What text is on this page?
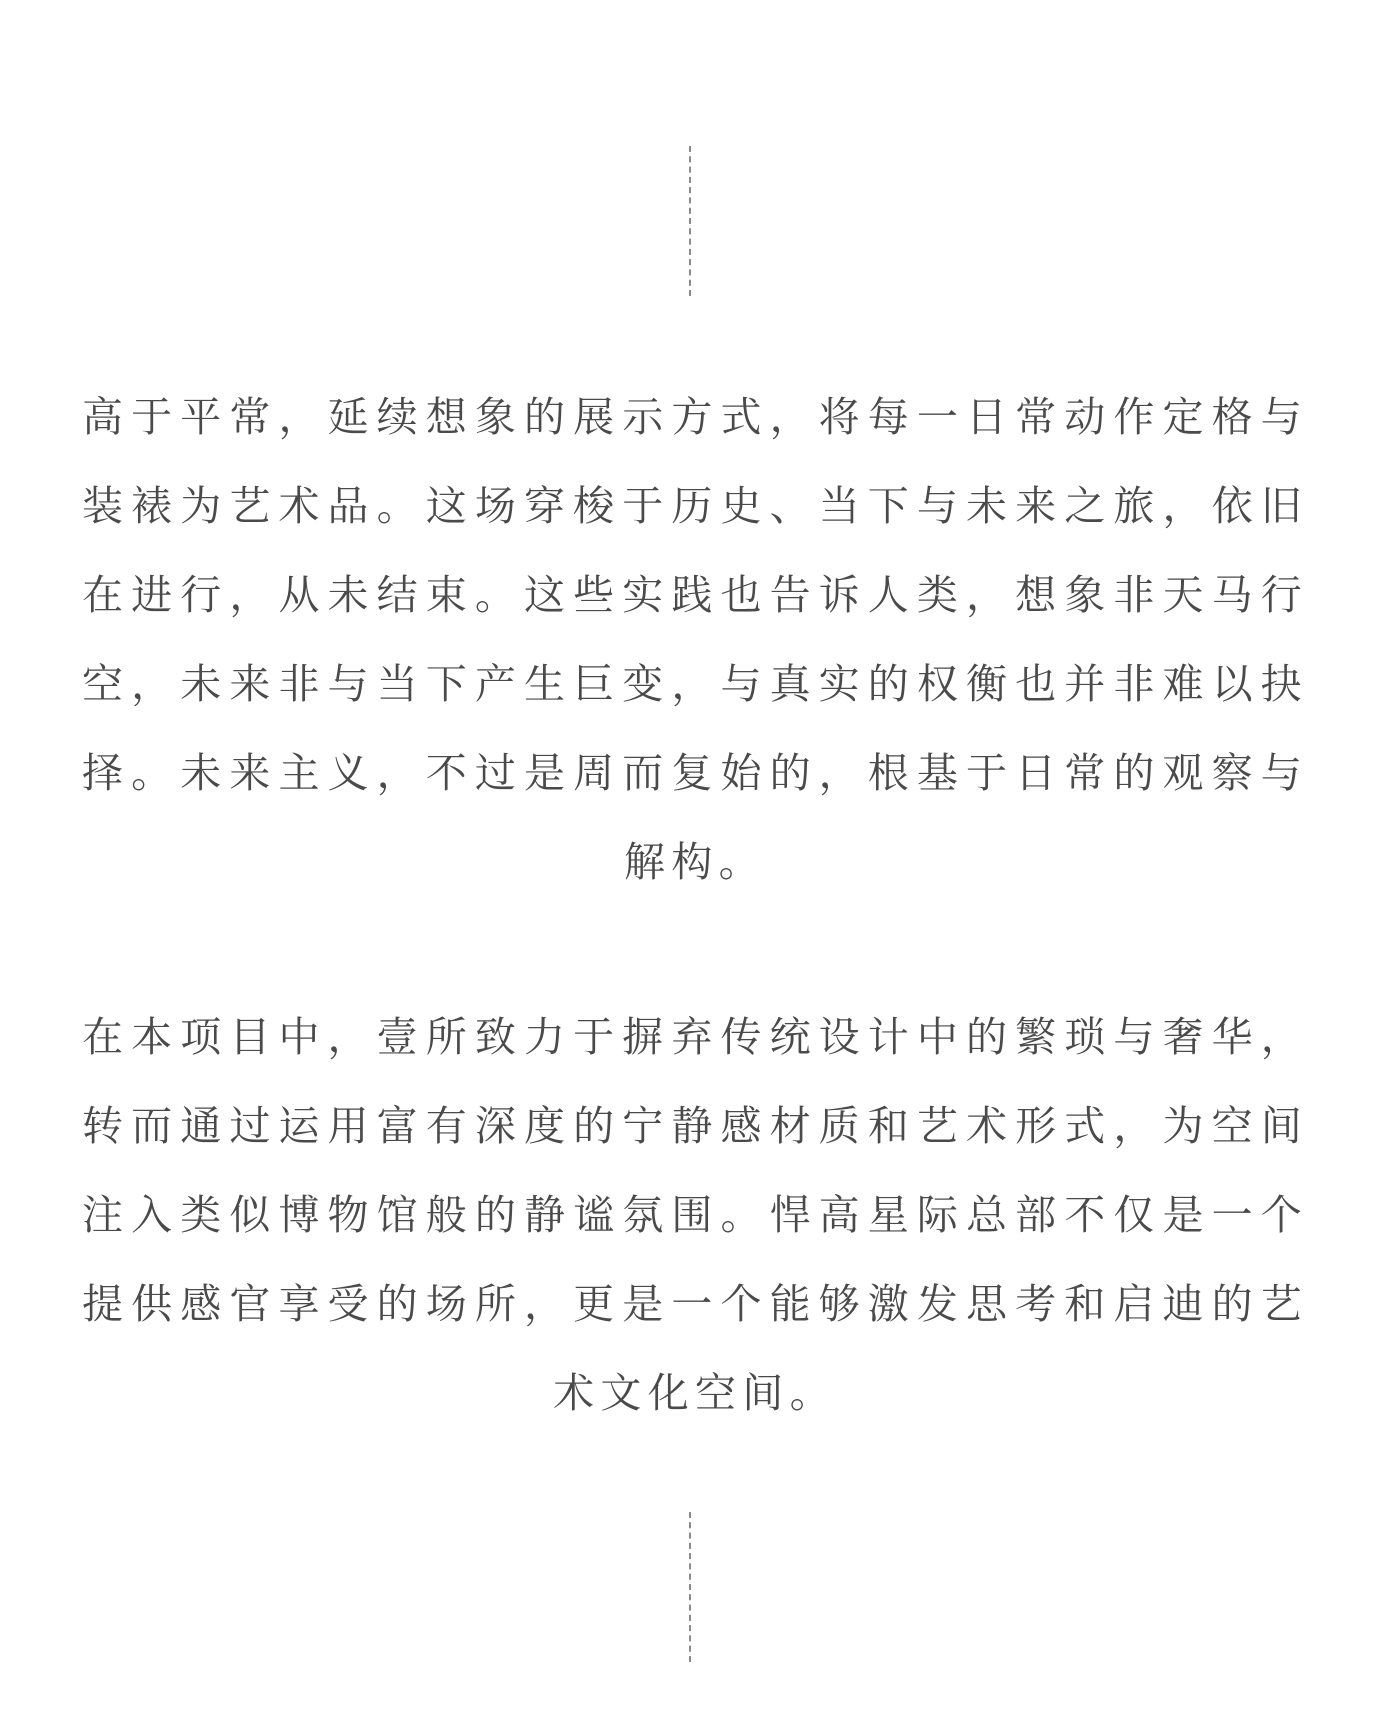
高于平常，延续想象的展示方式，将每一日常动作定格与装裱为艺术品。这场穿梭于历史、当下与未来之旅，依旧在进行，从未结束。这些实践也告诉人类，想象非天马行空，未来非与当下产生巨变，与真实的权衡也并非难以抉择。未来主义，不过是周而复始的，根基于日常的观察与解构。

在本项目中，壹所致力于摒弃传统设计中的繁琐与奢华，转而通过运用富有深度的宁静感材质和艺术形式，为空间注入类似博物馆般的静谧氛围。悍高星际总部不仅是一个提供感官享受的场所，更是一个能够激发思考和启迪的艺术文化空间。
